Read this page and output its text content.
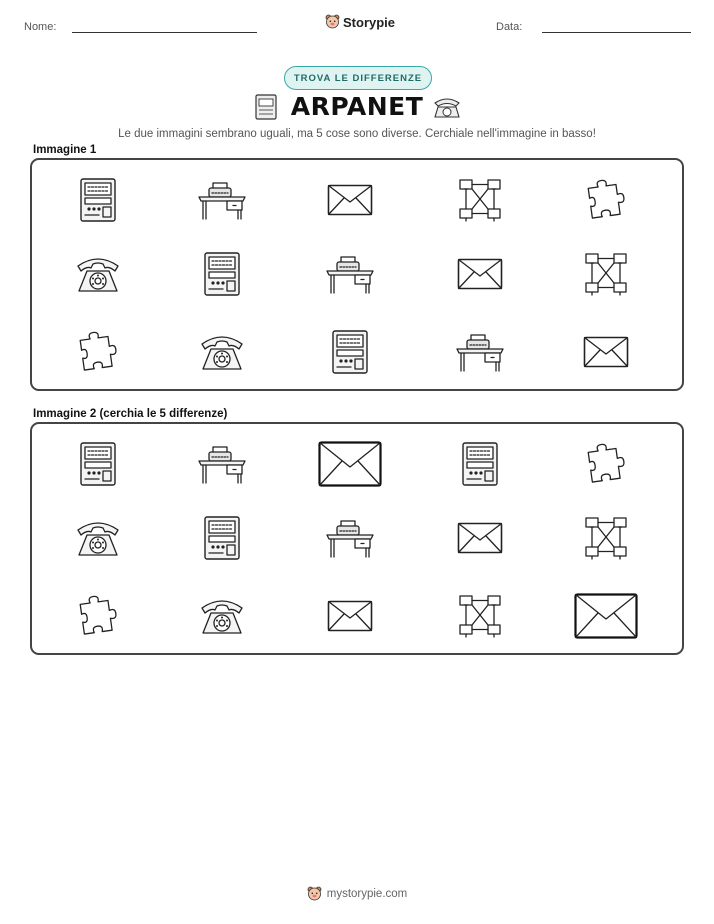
Nome:	Storypie	Data:
TROVA LE DIFFERENZE
ARPANET
Le due immagini sembrano uguali, ma 5 cose sono diverse. Cerchiale nell'immagine in basso!
Immagine 1
Immagine 2 (cerchia le 5 differenze)
mystorypie.com
